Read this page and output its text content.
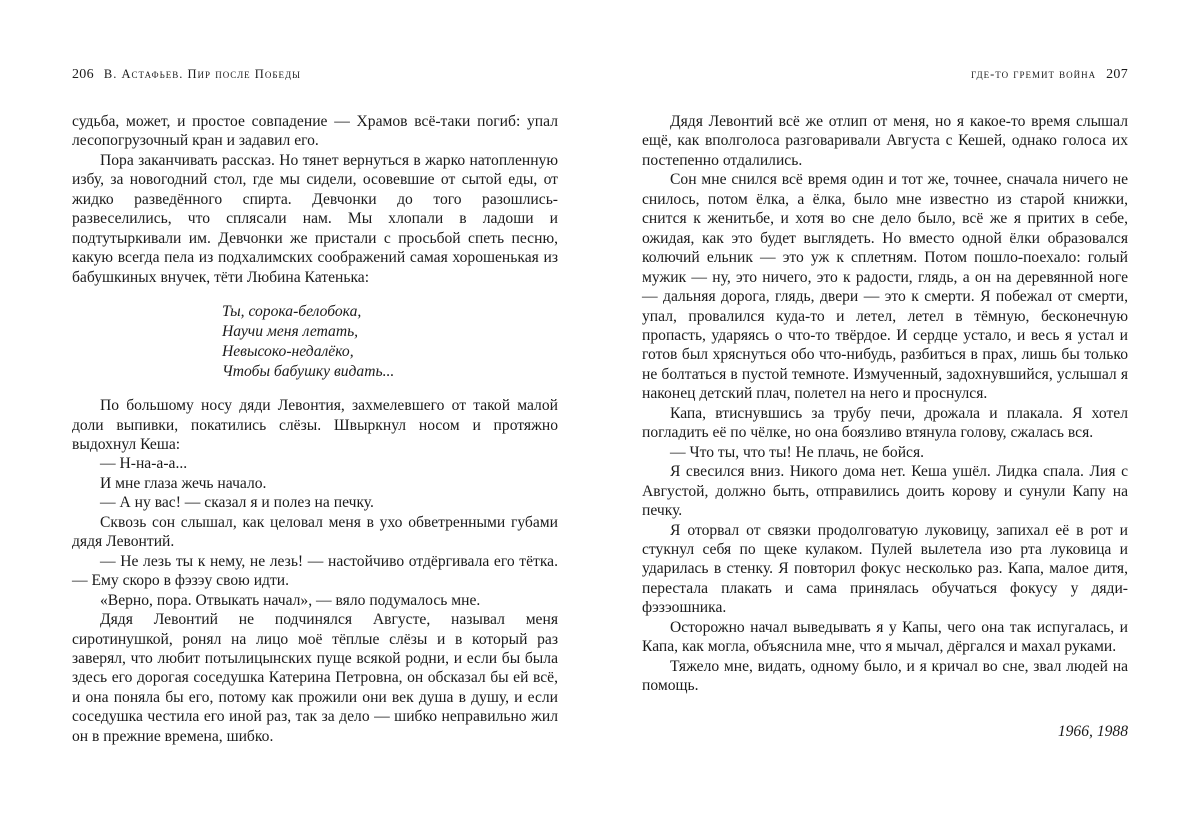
206 В. Астафьев. Пир после Победы

судьба, может, и простое совпадение — Храмов всё-таки погиб: упал лесопогрузочный кран и задавил его.

Пора заканчивать рассказ. Но тянет вернуться в жарко натопленную избу, за новогодний стол, где мы сидели, осовевшие от сытой еды, от жидко разведённого спирта. Девчонки до того разошлись-развеселились, что сплясали нам. Мы хлопали в ладоши и подтутыркивали им. Девчонки же пристали с просьбой спеть песню, какую всегда пела из подхалимских соображений самая хорошенькая из бабушкиных внучек, тёти Любина Катенька:

Ты, сорока-белобока,
Научи меня летать,
Невысоко-недалёко,
Чтобы бабушку видать...

По большому носу дяди Левонтия, захмелевшего от такой малой доли выпивки, покатились слёзы. Швыркнул носом и протяжно выдохнул Кеша:

— Н-на-а-а...

И мне глаза жечь начало.

— А ну вас! — сказал я и полез на печку.

Сквозь сон слышал, как целовал меня в ухо обветренными губами дядя Левонтий.

— Не лезь ты к нему, не лезь! — настойчиво отдёргивала его тётка. — Ему скоро в фэзэу свою идти.

«Верно, пора. Отвыкать начал», — вяло подумалось мне.

Дядя Левонтий не подчинялся Августе, называл меня сиротинушкой, ронял на лицо моё тёплые слёзы и в который раз заверял, что любит потылицынских пуще всякой родни, и если бы была здесь его дорогая соседушка Катерина Петровна, он обсказал бы ей всё, и она поняла бы его, потому как прожили они век душа в душу, и если соседушка честила его иной раз, так за дело — шибко неправильно жил он в прежние времена, шибко.

где-то гремит война 207

Дядя Левонтий всё же отлип от меня, но я какое-то время слышал ещё, как вполголоса разговаривали Августа с Кешей, однако голоса их постепенно отдалились.

Сон мне снился всё время один и тот же, точнее, сначала ничего не снилось, потом ёлка, а ёлка, было мне известно из старой книжки, снится к женитьбе, и хотя во сне дело было, всё же я притих в себе, ожидая, как это будет выглядеть. Но вместо одной ёлки образовался колючий ельник — это уж к сплетням. Потом пошло-поехало: голый мужик — ну, это ничего, это к радости, глядь, а он на деревянной ноге — дальняя дорога, глядь, двери — это к смерти. Я побежал от смерти, упал, провалился куда-то и летел, летел в тёмную, бесконечную пропасть, ударяясь о что-то твёрдое. И сердце устало, и весь я устал и готов был хряснуться обо что-нибудь, разбиться в прах, лишь бы только не болтаться в пустой темноте. Измученный, задохнувшийся, услышал я наконец детский плач, полетел на него и проснулся.

Капа, втиснувшись за трубу печи, дрожала и плакала. Я хотел погладить её по чёлке, но она боязливо втянула голову, сжалась вся.

— Что ты, что ты! Не плачь, не бойся.

Я свесился вниз. Никого дома нет. Кеша ушёл. Лидка спала. Лия с Августой, должно быть, отправились доить корову и сунули Капу на печку.

Я оторвал от связки продолговатую луковицу, запихал её в рот и стукнул себя по щеке кулаком. Пулей вылетела изо рта луковица и ударилась в стенку. Я повторил фокус несколько раз. Капа, малое дитя, перестала плакать и сама принялась обучаться фокусу у дяди-фэзэошника.

Осторожно начал выведывать я у Капы, чего она так испугалась, и Капа, как могла, объяснила мне, что я мычал, дёргался и махал руками.

Тяжело мне, видать, одному было, и я кричал во сне, звал людей на помощь.

1966, 1988
